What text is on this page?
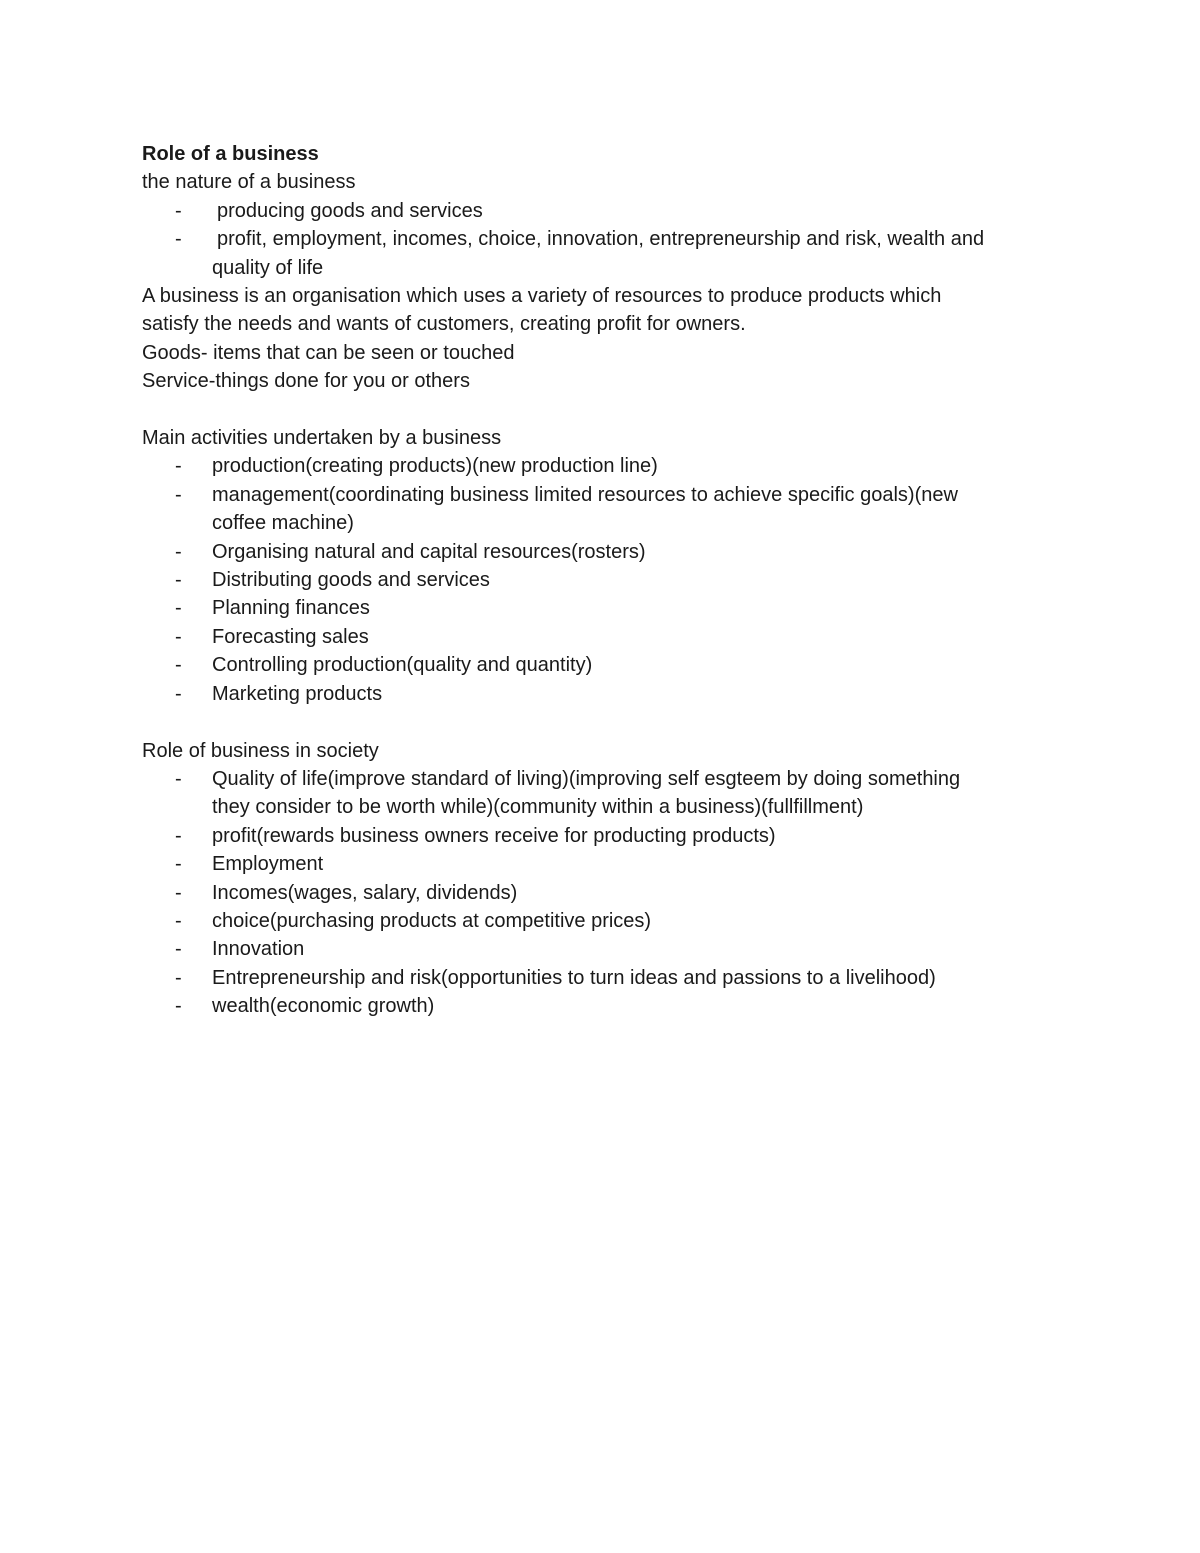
Role of a business

the nature of a business

- producing goods and services
- profit, employment, incomes, choice, innovation, entrepreneurship and risk, wealth and
quality of life

A business is an organisation which uses a variety of resources to produce products which

satisfy the needs and wants of customers, creating profit for owners.

Goods- items that can be seen or touched

Service-things done for you or others

Main activities undertaken by a business

- production(creating products)(new production line)
- management(coordinating business limited resources to achieve specific goals)(new
coffee machine)
- Organising natural and capital resources(rosters)
- Distributing goods and services
- Planning finances
- Forecasting sales
- Controlling production(quality and quantity)
- Marketing products

Role of business in society

- Quality of life(improve standard of living)(improving self esgteem by doing something
they consider to be worth while)(community within a business)(fullfillment)
- profit(rewards business owners receive for producting products)
- Employment
- Incomes(wages, salary, dividends)
- choice(purchasing products at competitive prices)
- Innovation
- Entrepreneurship and risk(opportunities to turn ideas and passions to a livelihood)
- wealth(economic growth)
